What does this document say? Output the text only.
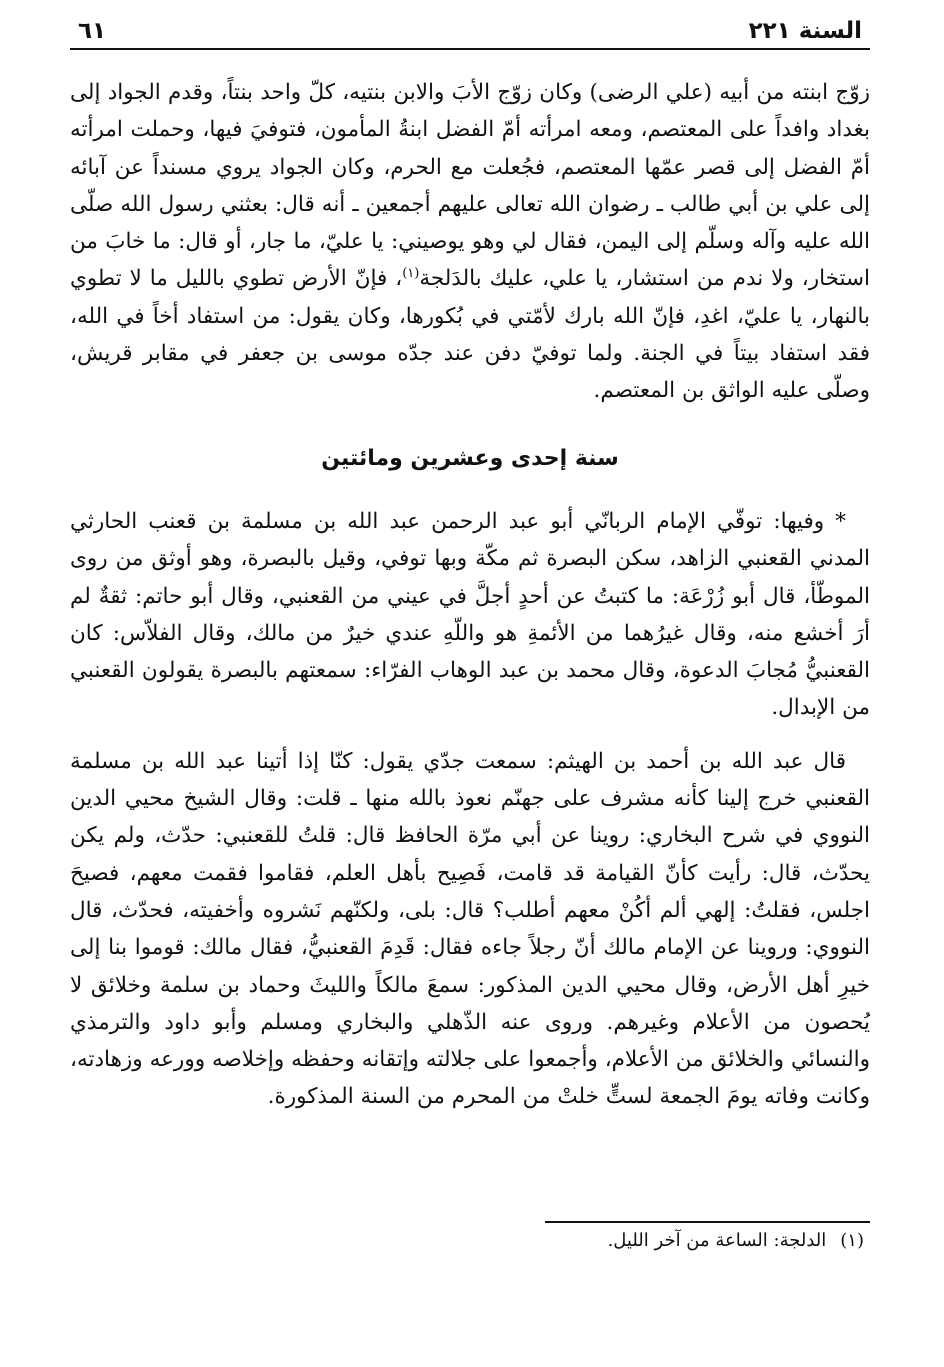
السنة ٢٢١
٦١

زوّج ابنته من أبيه (علي الرضى) وكان زوّج الأبَ والابن بنتيه، كلّ واحد بنتاً، وقدم الجواد إلى بغداد وافداً على المعتصم، ومعه امرأته أمّ الفضل ابنةُ المأمون، فتوفيَ فيها، وحملت امرأته أمّ الفضل إلى قصر عمّها المعتصم، فجُعلت مع الحرم، وكان الجواد يروي مسنداً عن آبائه إلى علي بن أبي طالب ـ رضوان الله تعالى عليهم أجمعين ـ أنه قال: بعثني رسول الله صلّى الله عليه وآله وسلّم إلى اليمن، فقال لي وهو يوصيني: يا عليّ، ما جار، أو قال: ما خابَ من استخار، ولا ندم من استشار، يا علي، عليك بالدَلجة$^{(١)}$، فإنّ الأرض تطوي بالليل ما لا تطوي بالنهار، يا عليّ، اغدِ، فإنّ الله بارك لأمّتي في بُكورها، وكان يقول: من استفاد أخاً في الله، فقد استفاد بيتاً في الجنة. ولما توفيّ دفن عند جدّه موسى بن جعفر في مقابر قريش، وصلّى عليه الواثق بن المعتصم.

سنة إحدى وعشرين ومائتين

* وفيها: توفّي الإمام الربانّي أبو عبد الرحمن عبد الله بن مسلمة بن قعنب الحارثي المدني القعنبي الزاهد، سكن البصرة ثم مكّة وبها توفي، وقيل بالبصرة، وهو أوثق من روى الموطّأ، قال أبو زُرْعَة: ما كتبتُ عن أحدٍ أجلَّ في عيني من القعنبي، وقال أبو حاتم: ثقةٌ لم أرَ أخشع منه، وقال غيرُهما من الأئمةِ هو واللّهِ عندي خيرٌ من مالك، وقال الفلاّس: كان القعنبيُّ مُجابَ الدعوة، وقال محمد بن عبد الوهاب الفرّاء: سمعتهم بالبصرة يقولون القعنبي من الإبدال.

قال عبد الله بن أحمد بن الهيثم: سمعت جدّي يقول: كنّا إذا أتينا عبد الله بن مسلمة القعنبي خرج إلينا كأنه مشرف على جهنّم نعوذ بالله منها ـ قلت: وقال الشيخ محيي الدين النووي في شرح البخاري: روينا عن أبي مرّة الحافظ قال: قلتُ للقعنبي: حدّث، ولم يكن يحدّث، قال: رأيت كأنّ القيامة قد قامت، فَصِيح بأهل العلم، فقاموا فقمت معهم، فصيحَ اجلس، فقلتُ: إلهي ألم أكُنْ معهم أطلب؟ قال: بلى، ولكنّهم نَشروه وأخفيته، فحدّث، قال النووي: وروينا عن الإمام مالك أنّ رجلاً جاءه فقال: قَدِمَ القعنبيُّ، فقال مالك: قوموا بنا إلى خيرِ أهل الأرض، وقال محيي الدين المذكور: سمعَ مالكاً والليثَ وحماد بن سلمة وخلائق لا يُحصون من الأعلام وغيرهم. وروى عنه الذّهلي والبخاري ومسلم وأبو داود والترمذي والنسائي والخلائق من الأعلام، وأجمعوا على جلالته وإتقانه وحفظه وإخلاصه وورعه وزهادته، وكانت وفاته يومَ الجمعة لستٍّ خلتْ من المحرم من السنة المذكورة.

(١)الدلجة: الساعة من آخر الليل.
